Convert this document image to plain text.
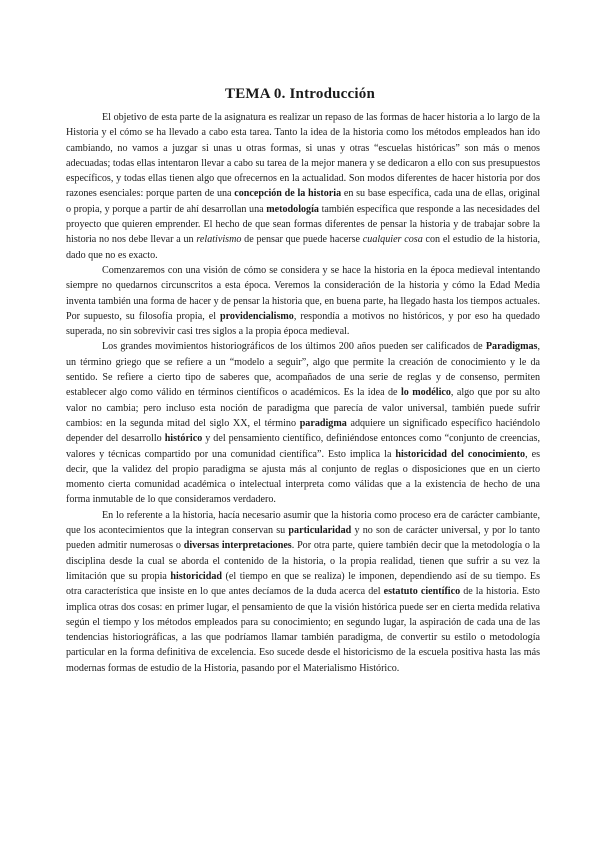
TEMA 0. Introducción

El objetivo de esta parte de la asignatura es realizar un repaso de las formas de hacer historia a lo largo de la Historia y el cómo se ha llevado a cabo esta tarea. Tanto la idea de la historia como los métodos empleados han ido cambiando, no vamos a juzgar si unas u otras formas, si unas y otras “escuelas históricas” son más o menos adecuadas; todas ellas intentaron llevar a cabo su tarea de la mejor manera y se dedicaron a ello con sus presupuestos específicos, y todas ellas tienen algo que ofrecernos en la actualidad. Son modos diferentes de hacer historia por dos razones esenciales: porque parten de una concepción de la historia en su base específica, cada una de ellas, original o propia, y porque a partir de ahí desarrollan una metodología también específica que responde a las necesidades del proyecto que quieren emprender. El hecho de que sean formas diferentes de pensar la historia y de trabajar sobre la historia no nos debe llevar a un relativismo de pensar que puede hacerse cualquier cosa con el estudio de la historia, dado que no es exacto.

Comenzaremos con una visión de cómo se considera y se hace la historia en la época medieval intentando siempre no quedarnos circunscritos a esta época. Veremos la consideración de la historia y cómo la Edad Media inventa también una forma de hacer y de pensar la historia que, en buena parte, ha llegado hasta los tiempos actuales. Por supuesto, su filosofía propia, el providencialismo, respondía a motivos no históricos, y por eso ha quedado superada, no sin sobrevivir casi tres siglos a la propia época medieval.

Los grandes movimientos historiográficos de los últimos 200 años pueden ser calificados de Paradigmas, un término griego que se refiere a un “modelo a seguir”, algo que permite la creación de conocimiento y le da sentido. Se refiere a cierto tipo de saberes que, acompañados de una serie de reglas y de consenso, permiten establecer algo como válido en términos científicos o académicos. Es la idea de lo modélico, algo que por su alto valor no cambia; pero incluso esta noción de paradigma que parecía de valor universal, también puede sufrir cambios: en la segunda mitad del siglo XX, el término paradigma adquiere un significado específico haciéndolo depender del desarrollo histórico y del pensamiento científico, definiéndose entonces como “conjunto de creencias, valores y técnicas compartido por una comunidad científica”. Esto implica la historicidad del conocimiento, es decir, que la validez del propio paradigma se ajusta más al conjunto de reglas o disposiciones que en un cierto momento cierta comunidad académica o intelectual interpreta como válidas que a la existencia de hecho de una forma inmutable de lo que consideramos verdadero.

En lo referente a la historia, hacía necesario asumir que la historia como proceso era de carácter cambiante, que los acontecimientos que la integran conservan su particularidad y no son de carácter universal, y por lo tanto pueden admitir numerosas o diversas interpretaciones. Por otra parte, quiere también decir que la metodología o la disciplina desde la cual se aborda el contenido de la historia, o la propia realidad, tienen que sufrir a su vez la limitación que su propia historicidad (el tiempo en que se realiza) le imponen, dependiendo así de su tiempo. Es otra característica que insiste en lo que antes decíamos de la duda acerca del estatuto científico de la historia. Esto implica otras dos cosas: en primer lugar, el pensamiento de que la visión histórica puede ser en cierta medida relativa según el tiempo y los métodos empleados para su conocimiento; en segundo lugar, la aspiración de cada una de las tendencias historiográficas, a las que podríamos llamar también paradigma, de convertir su estilo o metodología particular en la forma definitiva de excelencia. Eso sucede desde el historicismo de la escuela positiva hasta las más modernas formas de estudio de la Historia, pasando por el Materialismo Histórico.
